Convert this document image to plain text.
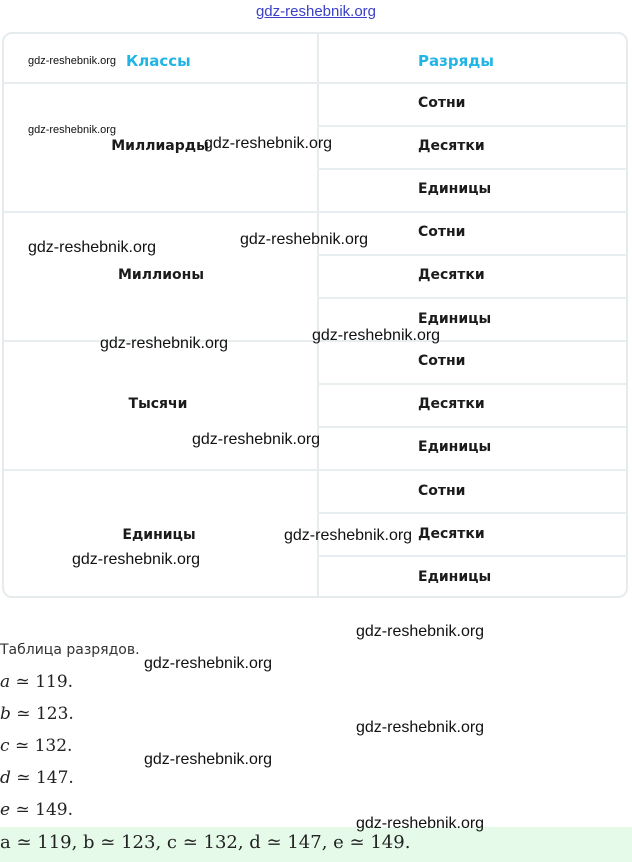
gdz-reshebnik.org
Классы	Разряды
Миллиарды
Миллионы
Тысячи
Единицы
Сотни
Десятки
Единицы
Сотни
Десятки
Единицы
Сотни
Десятки
Единицы
Сотни
Десятки
Единицы
Таблица разрядов.
a ≃ 119.
b ≃ 123.
c ≃ 132.
d ≃ 147.
e ≃ 149.
a ≃ 119, b ≃ 123, c ≃ 132, d ≃ 147, e ≃ 149.
gdz-reshebnik.org
gdz-reshebnik.org
gdz-reshebnik.org
gdz-reshebnik.org	gdz-reshebnik.org
gdz-reshebnik.org
gdz-reshebnik.org
gdz-reshebnik.org
gdz-reshebnik.org
gdz-reshebnik.org
gdz-reshebnik.org
gdz-reshebnik.org
gdz-reshebnik.org
gdz-reshebnik.org
gdz-reshebnik.org
